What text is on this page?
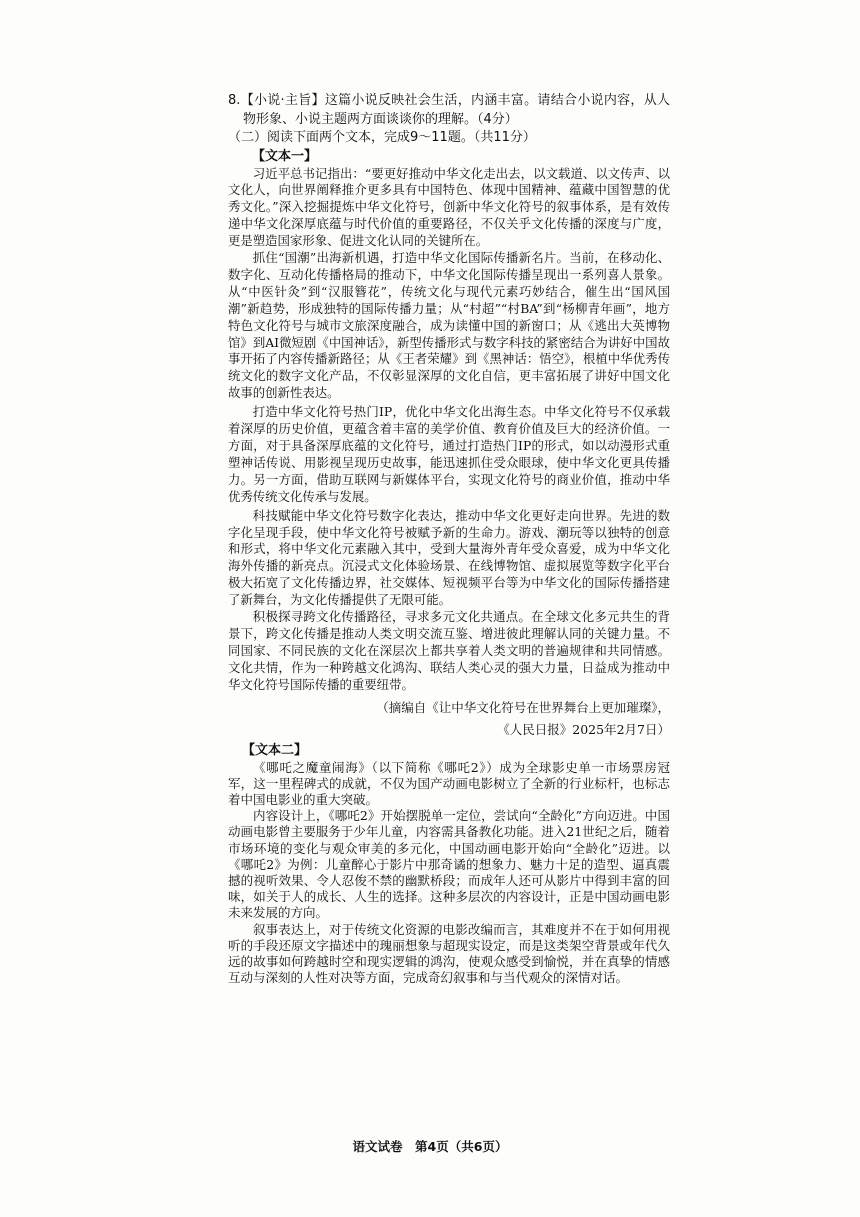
8.【小说·主旨】这篇小说反映社会生活，内涵丰富。请结合小说内容，从人物形象、小说主题两方面谈谈你的理解。（4分）

（二）阅读下面两个文本，完成9～11题。（共11分）

【文本一】

习近平总书记指出：“要更好推动中华文化走出去，以文载道、以文传声、以文化人，向世界阐释推介更多具有中国特色、体现中国精神、蕴藏中国智慧的优秀文化。”深入挖掘提炼中华文化符号，创新中华文化符号的叙事体系，是有效传递中华文化深厚底蕴与时代价值的重要路径，不仅关乎文化传播的深度与广度，更是塑造国家形象、促进文化认同的关键所在。

抓住“国潮”出海新机遇，打造中华文化国际传播新名片。当前，在移动化、数字化、互动化传播格局的推动下，中华文化国际传播呈现出一系列喜人景象。从“中医针灸”到“汉服簪花”，传统文化与现代元素巧妙结合，催生出“国风国潮”新趋势，形成独特的国际传播力量；从“村超”“村BA”到“杨柳青年画”，地方特色文化符号与城市文旅深度融合，成为读懂中国的新窗口；从《逃出大英博物馆》到AI微短剧《中国神话》，新型传播形式与数字科技的紧密结合为讲好中国故事开拓了内容传播新路径；从《王者荣耀》到《黑神话：悟空》，根植中华优秀传统文化的数字文化产品，不仅彰显深厚的文化自信，更丰富拓展了讲好中国文化故事的创新性表达。

打造中华文化符号热门IP，优化中华文化出海生态。中华文化符号不仅承载着深厚的历史价值，更蕴含着丰富的美学价值、教育价值及巨大的经济价值。一方面，对于具备深厚底蕴的文化符号，通过打造热门IP的形式，如以动漫形式重塑神话传说、用影视呈现历史故事，能迅速抓住受众眼球，使中华文化更具传播力。另一方面，借助互联网与新媒体平台，实现文化符号的商业价值，推动中华优秀传统文化传承与发展。

科技赋能中华文化符号数字化表达，推动中华文化更好走向世界。先进的数字化呈现手段，使中华文化符号被赋予新的生命力。游戏、潮玩等以独特的创意和形式，将中华文化元素融入其中，受到大量海外青年受众喜爱，成为中华文化海外传播的新亮点。沉浸式文化体验场景、在线博物馆、虚拟展览等数字化平台极大拓宽了文化传播边界，社交媒体、短视频平台等为中华文化的国际传播搭建了新舞台，为文化传播提供了无限可能。

积极探寻跨文化传播路径，寻求多元文化共通点。在全球文化多元共生的背景下，跨文化传播是推动人类文明交流互鉴、增进彼此理解认同的关键力量。不同国家、不同民族的文化在深层次上都共享着人类文明的普遍规律和共同情感。文化共情，作为一种跨越文化鸿沟、联结人类心灵的强大力量，日益成为推动中华文化符号国际传播的重要纽带。

（摘编自《让中华文化符号在世界舞台上更加璀璨》，

《人民日报》2025年2月7日）

【文本二】

《哪吒之魔童闹海》（以下简称《哪吒2》）成为全球影史单一市场票房冠军，这一里程碑式的成就，不仅为国产动画电影树立了全新的行业标杆，也标志着中国电影业的重大突破。

内容设计上，《哪吒2》开始摆脱单一定位，尝试向“全龄化”方向迈进。中国动画电影曾主要服务于少年儿童，内容需具备教化功能。进入21世纪之后，随着市场环境的变化与观众审美的多元化，中国动画电影开始向“全龄化”迈进。以《哪吒2》为例：儿童醉心于影片中那奇谲的想象力、魅力十足的造型、逼真震撼的视听效果、令人忍俊不禁的幽默桥段；而成年人还可从影片中得到丰富的回味，如关于人的成长、人生的选择。这种多层次的内容设计，正是中国动画电影未来发展的方向。

叙事表达上，对于传统文化资源的电影改编而言，其难度并不在于如何用视听的手段还原文字描述中的瑰丽想象与超现实设定，而是这类架空背景或年代久远的故事如何跨越时空和现实逻辑的鸿沟，使观众感受到愉悦，并在真挚的情感互动与深刻的人性对决等方面，完成奇幻叙事和与当代观众的深情对话。

语文试卷　第4页（共6页）
